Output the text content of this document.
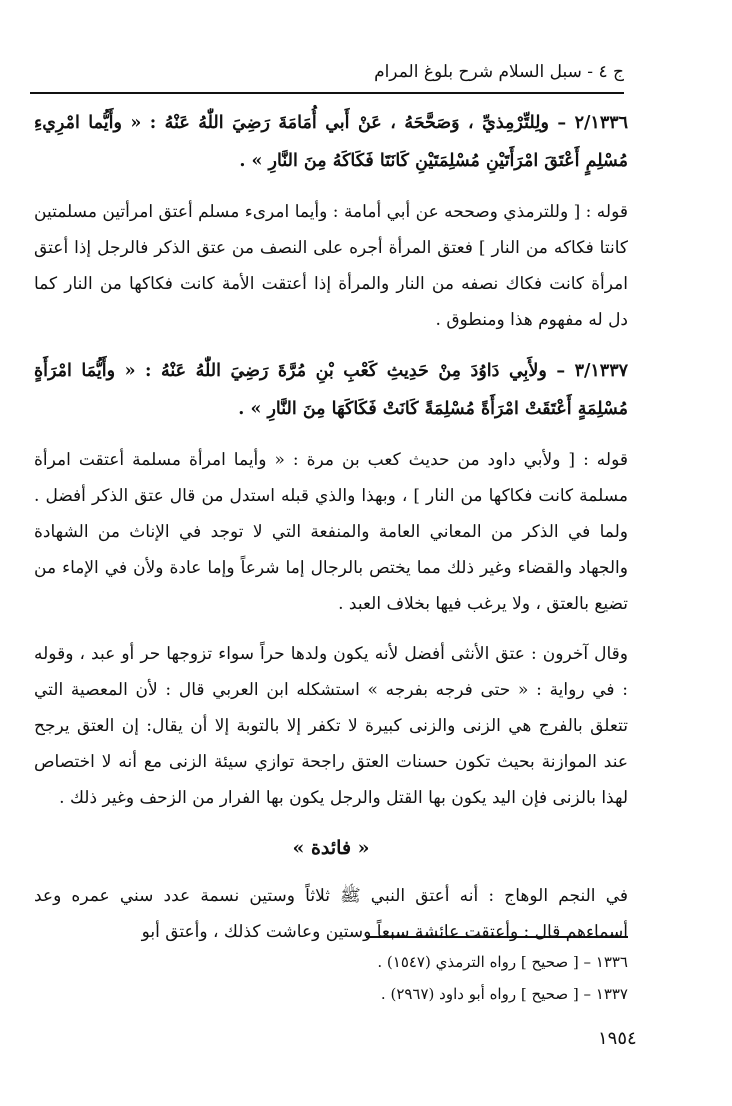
ج ٤ - سبل السلام شرح بلوغ المرام

٢/١٣٣٦ – ولِلتِّرْمِذيِّ ، وَصَحَّحَهُ ، عَنْ أَبي أُمَامَةَ رَضِيَ اللّٰهُ عَنْهُ : « وأَيُّما امْرِيءِ مُسْلِمٍ أَعْتَقَ امْرَأَتَيْنِ مُسْلِمَتَيْنِ كَانَتَا فَكَاكَهُ مِنَ النَّارِ » .

قوله : [ وللترمذي وصححه عن أبي أمامة : وأيما امرىء مسلم أعتق امرأتين مسلمتين كانتا فكاكه من النار ] فعتق المرأة أجره على النصف من عتق الذكر فالرجل إذا أعتق امرأة كانت فكاك نصفه من النار والمرأة إذا أعتقت الأمة كانت فكاكها من النار كما دل له مفهوم هذا ومنطوق .

٣/١٣٣٧ – ولأَبِي دَاوُدَ مِنْ حَدِيثِ كَعْبِ بْنِ مُرَّةَ رَضِيَ اللّٰهُ عَنْهُ : « وأَيُّمَا امْرَأَةٍ مُسْلِمَةٍ أَعْتَقَتْ امْرَأَةً مُسْلِمَةً كَانَتْ فَكَاكَهَا مِنَ النَّارِ » .

قوله : [ ولأبي داود من حديث كعب بن مرة : « وأيما امرأة مسلمة أعتقت امرأة مسلمة كانت فكاكها من النار ] ، وبهذا والذي قبله استدل من قال عتق الذكر أفضل . ولما في الذكر من المعاني العامة والمنفعة التي لا توجد في الإناث من الشهادة والجهاد والقضاء وغير ذلك مما يختص بالرجال إما شرعاً وإما عادة ولأن في الإماء من تضيع بالعتق ، ولا يرغب فيها بخلاف العبد .

وقال آخرون : عتق الأنثى أفضل لأنه يكون ولدها حراً سواء تزوجها حر أو عبد ، وقوله : في رواية : « حتى فرجه بفرجه » استشكله ابن العربي قال : لأن المعصية التي تتعلق بالفرج هي الزنى والزنى كبيرة لا تكفر إلا بالتوبة إلا أن يقال: إن العتق يرجح عند الموازنة بحيث تكون حسنات العتق راجحة توازي سيئة الزنى مع أنه لا اختصاص لهذا بالزنى فإن اليد يكون بها القتل والرجل يكون بها الفرار من الزحف وغير ذلك .

« فائدة »

في النجم الوهاج : أنه أعتق النبي ﷺ ثلاثاً وستين نسمة عدد سني عمره وعد أسماءهم قال : وأعتقت عائشة سبعاً وستين وعاشت كذلك ، وأعتق أبو

١٣٣٦ – [ صحيح ] رواه الترمذي (١٥٤٧) .

١٣٣٧ – [ صحيح ] رواه أبو داود (٢٩٦٧) .

١٩٥٤
